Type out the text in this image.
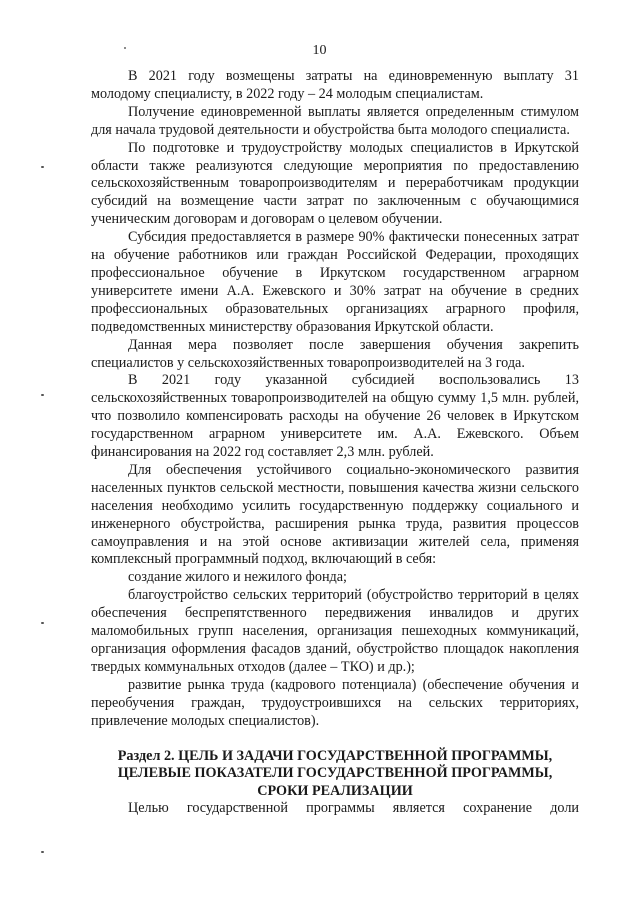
10

В 2021 году возмещены затраты на единовременную выплату 31 молодому специалисту, в 2022 году – 24 молодым специалистам.

Получение единовременной выплаты является определенным стимулом для начала трудовой деятельности и обустройства быта молодого специалиста.

По подготовке и трудоустройству молодых специалистов в Иркутской области также реализуются следующие мероприятия по предоставлению сельскохозяйственным товаропроизводителям и переработчикам продукции субсидий на возмещение части затрат по заключенным с обучающимися ученическим договорам и договорам о целевом обучении.

Субсидия предоставляется в размере 90% фактически понесенных затрат на обучение работников или граждан Российской Федерации, проходящих профессиональное обучение в Иркутском государственном аграрном университете имени А.А. Ежевского и 30% затрат на обучение в средних профессиональных образовательных организациях аграрного профиля, подведомственных министерству образования Иркутской области.

Данная мера позволяет после завершения обучения закрепить специалистов у сельскохозяйственных товаропроизводителей на 3 года.

В 2021 году указанной субсидией воспользовались 13 сельскохозяйственных товаропроизводителей на общую сумму 1,5 млн. рублей, что позволило компенсировать расходы на обучение 26 человек в Иркутском государственном аграрном университете им. А.А. Ежевского. Объем финансирования на 2022 год составляет 2,3 млн. рублей.

Для обеспечения устойчивого социально-экономического развития населенных пунктов сельской местности, повышения качества жизни сельского населения необходимо усилить государственную поддержку социального и инженерного обустройства, расширения рынка труда, развития процессов самоуправления и на этой основе активизации жителей села, применяя комплексный программный подход, включающий в себя:

создание жилого и нежилого фонда;

благоустройство сельских территорий (обустройство территорий в целях обеспечения беспрепятственного передвижения инвалидов и других маломобильных групп населения, организация пешеходных коммуникаций, организация оформления фасадов зданий, обустройство площадок накопления твердых коммунальных отходов (далее – ТКО) и др.);

развитие рынка труда (кадрового потенциала) (обеспечение обучения и переобучения граждан, трудоустроившихся на сельских территориях, привлечение молодых специалистов).

Раздел 2. ЦЕЛЬ И ЗАДАЧИ ГОСУДАРСТВЕННОЙ ПРОГРАММЫ,
ЦЕЛЕВЫЕ ПОКАЗАТЕЛИ ГОСУДАРСТВЕННОЙ ПРОГРАММЫ,
СРОКИ РЕАЛИЗАЦИИ

Целью государственной программы является сохранение доли
